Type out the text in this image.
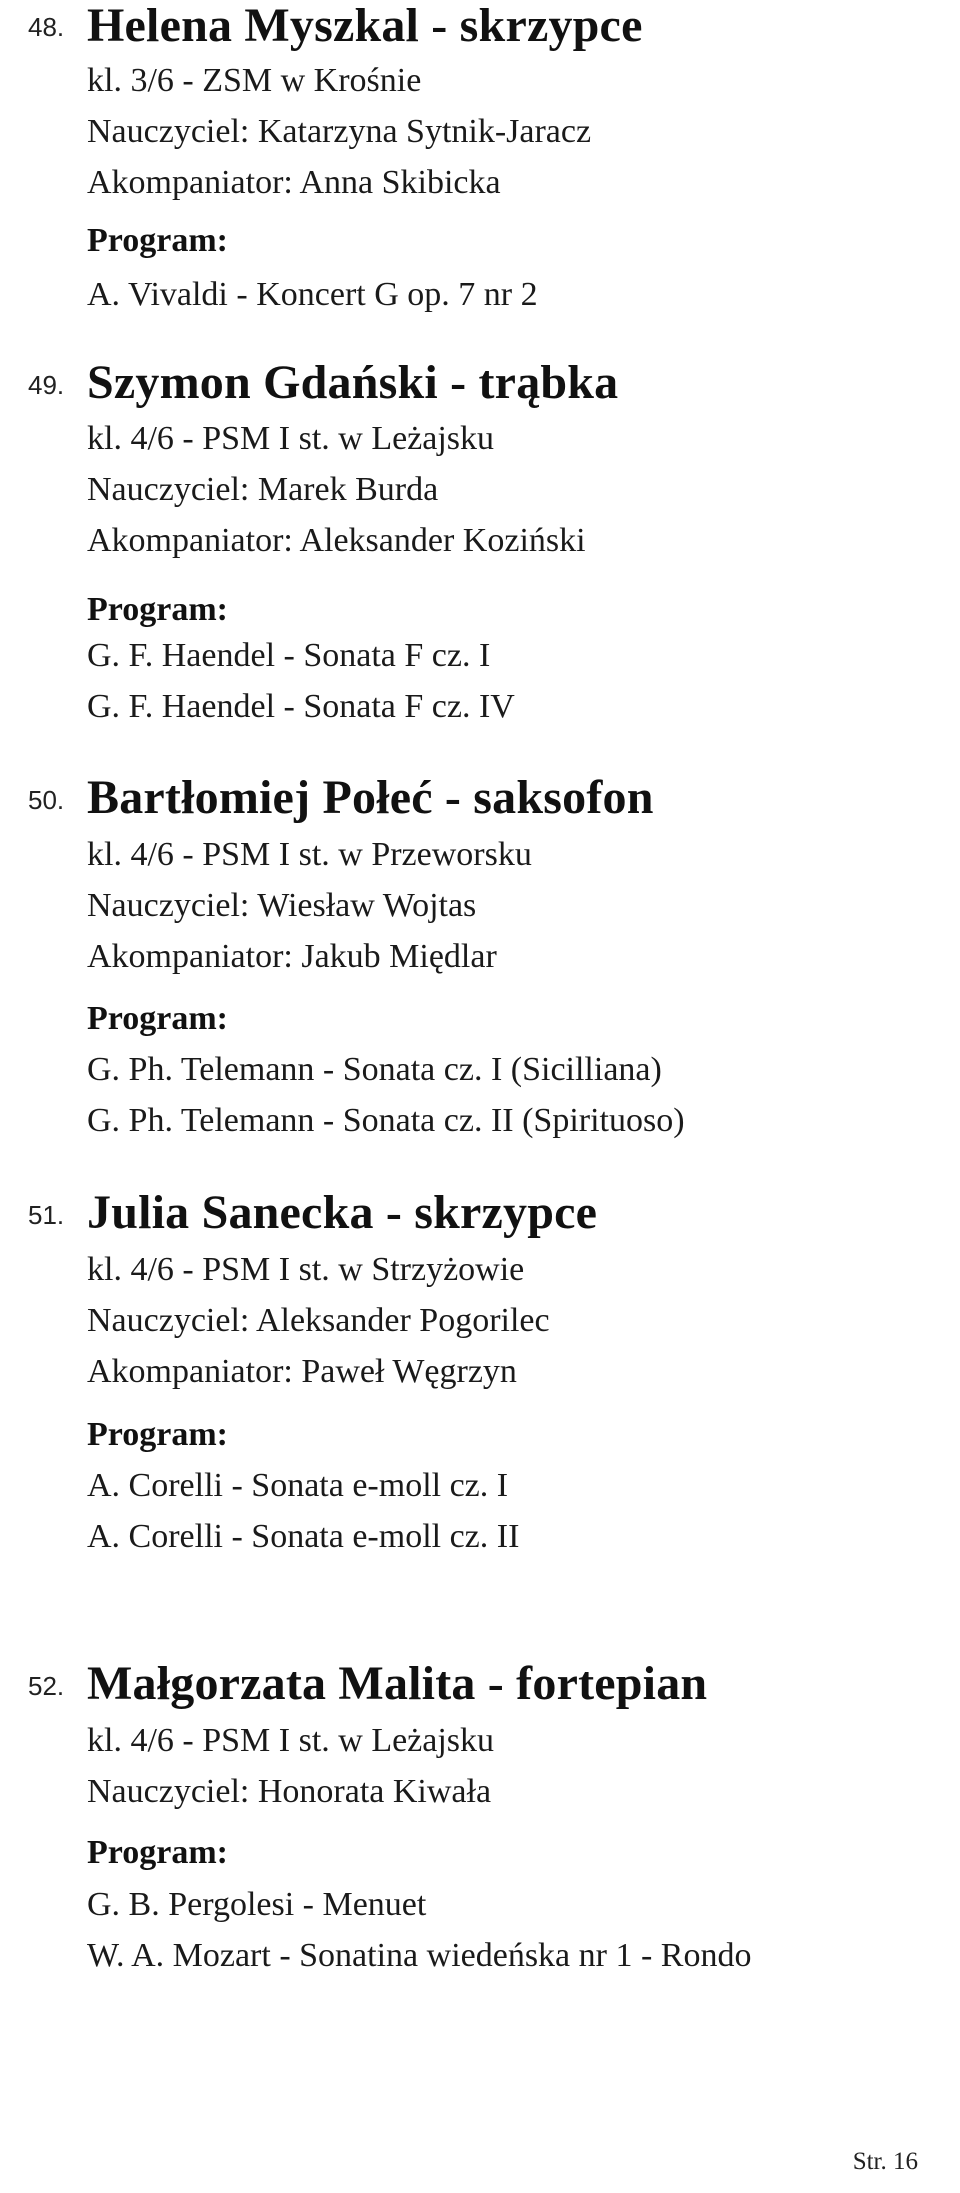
48. Helena Myszkal - skrzypce
kl. 3/6 - ZSM w Krośnie
Nauczyciel: Katarzyna Sytnik-Jaracz
Akompaniator: Anna Skibicka
Program:
A. Vivaldi - Koncert G op. 7 nr 2
49. Szymon Gdański - trąbka
kl. 4/6 - PSM I st. w Leżajsku
Nauczyciel: Marek Burda
Akompaniator: Aleksander Koziński
Program:
G. F. Haendel - Sonata F cz. I
G. F. Haendel - Sonata F cz. IV
50. Bartłomiej Połeć - saksofon
kl. 4/6 - PSM I st. w Przeworsku
Nauczyciel: Wiesław Wojtas
Akompaniator: Jakub Międlar
Program:
G. Ph. Telemann - Sonata cz. I (Sicilliana)
G. Ph. Telemann - Sonata cz. II (Spirituoso)
51. Julia Sanecka - skrzypce
kl. 4/6 - PSM I st. w Strzyżowie
Nauczyciel: Aleksander Pogorilec
Akompaniator: Paweł Węgrzyn
Program:
A. Corelli - Sonata e-moll cz. I
A. Corelli - Sonata e-moll cz. II
52. Małgorzata Malita - fortepian
kl. 4/6 - PSM I st. w Leżajsku
Nauczyciel: Honorata Kiwała
Program:
G. B. Pergolesi - Menuet
W. A. Mozart - Sonatina wiedeńska nr 1 - Rondo
Str. 16
